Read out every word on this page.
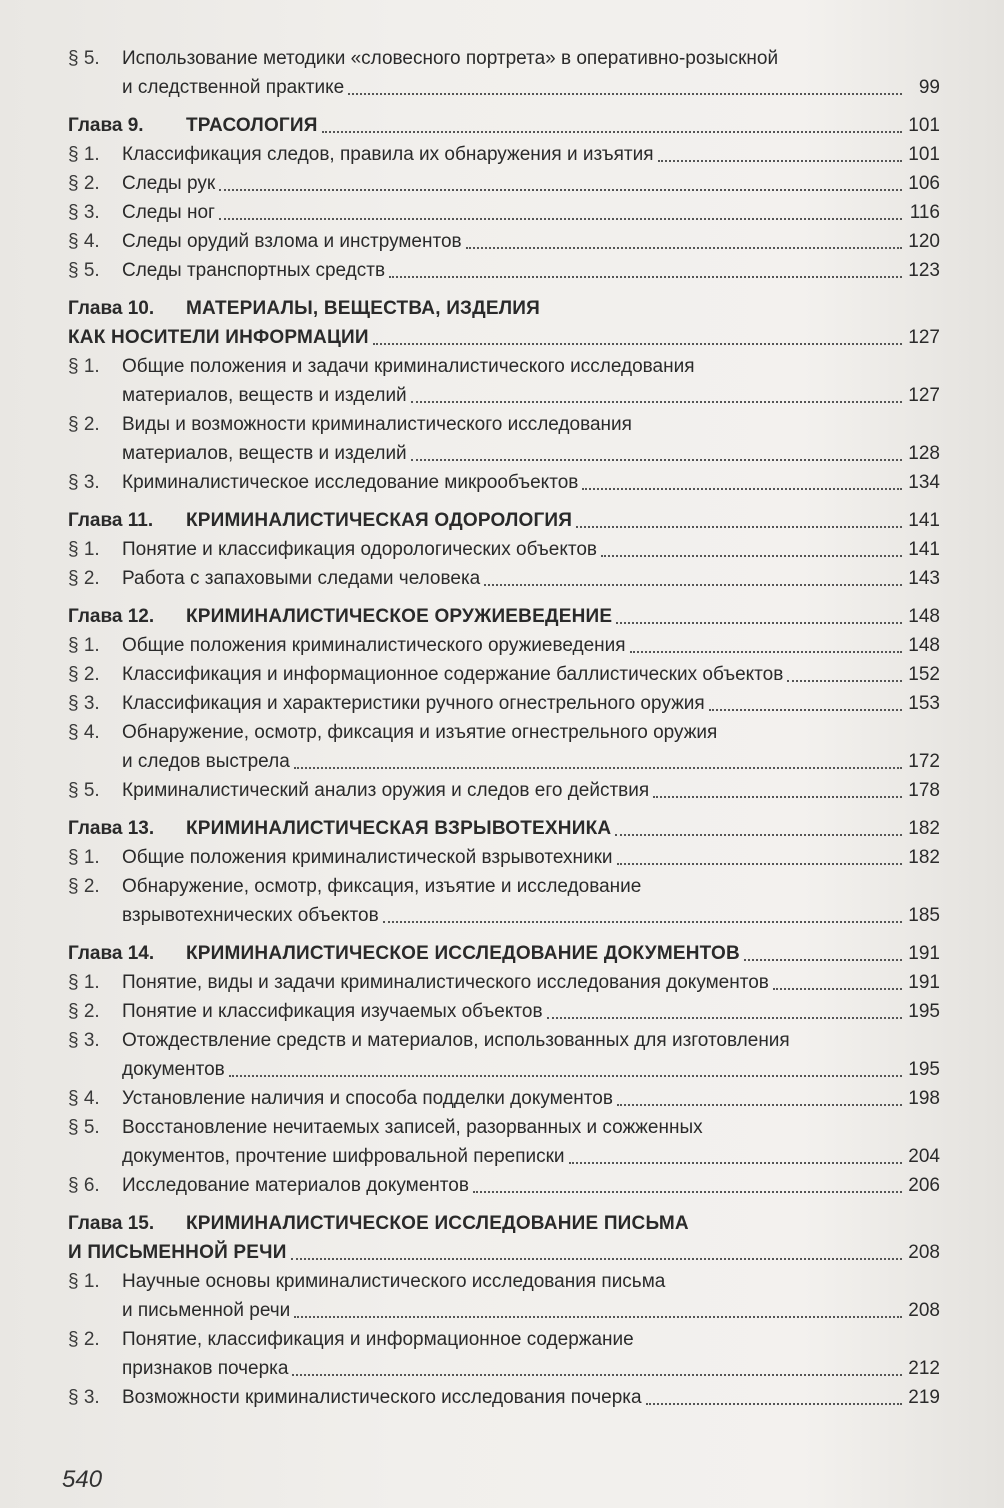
§ 5.	Использование методики «словесного портрета» в оперативно-розыскной
и следственной практике	99
Глава 9.	ТРАСОЛОГИЯ	101
§ 1.	Классификация следов, правила их обнаружения и изъятия	101
§ 2.	Следы рук	106
§ 3.	Следы ног	116
§ 4.	Следы орудий взлома и инструментов	120
§ 5.	Следы транспортных средств	123
Глава 10.	МАТЕРИАЛЫ, ВЕЩЕСТВА, ИЗДЕЛИЯ
КАК НОСИТЕЛИ ИНФОРМАЦИИ	127
§ 1.	Общие положения и задачи криминалистического исследования
материалов, веществ и изделий	127
§ 2.	Виды и возможности криминалистического исследования
материалов, веществ и изделий	128
§ 3.	Криминалистическое исследование микрообъектов	134
Глава 11.	КРИМИНАЛИСТИЧЕСКАЯ ОДОРОЛОГИЯ	141
§ 1.	Понятие и классификация одорологических объектов	141
§ 2.	Работа с запаховыми следами человека	143
Глава 12.	КРИМИНАЛИСТИЧЕСКОЕ ОРУЖИЕВЕДЕНИЕ	148
§ 1.	Общие положения криминалистического оружиеведения	148
§ 2.	Классификация и информационное содержание баллистических объектов	152
§ 3.	Классификация и характеристики ручного огнестрельного оружия	153
§ 4.	Обнаружение, осмотр, фиксация и изъятие огнестрельного оружия
и следов выстрела	172
§ 5.	Криминалистический анализ оружия и следов его действия	178
Глава 13.	КРИМИНАЛИСТИЧЕСКАЯ ВЗРЫВОТЕХНИКА	182
§ 1.	Общие положения криминалистической взрывотехники	182
§ 2.	Обнаружение, осмотр, фиксация, изъятие и исследование
взрывотехнических объектов	185
Глава 14.	КРИМИНАЛИСТИЧЕСКОЕ ИССЛЕДОВАНИЕ ДОКУМЕНТОВ	191
§ 1.	Понятие, виды и задачи криминалистического исследования документов	191
§ 2.	Понятие и классификация изучаемых объектов	195
§ 3.	Отождествление средств и материалов, использованных для изготовления
документов	195
§ 4.	Установление наличия и способа подделки документов	198
§ 5.	Восстановление нечитаемых записей, разорванных и сожженных
документов, прочтение шифровальной переписки	204
§ 6.	Исследование материалов документов	206
Глава 15.	КРИМИНАЛИСТИЧЕСКОЕ ИССЛЕДОВАНИЕ ПИСЬМА
И ПИСЬМЕННОЙ РЕЧИ	208
§ 1.	Научные основы криминалистического исследования письма
и письменной речи	208
§ 2.	Понятие, классификация и информационное содержание
признаков почерка	212
§ 3.	Возможности криминалистического исследования почерка	219
540
